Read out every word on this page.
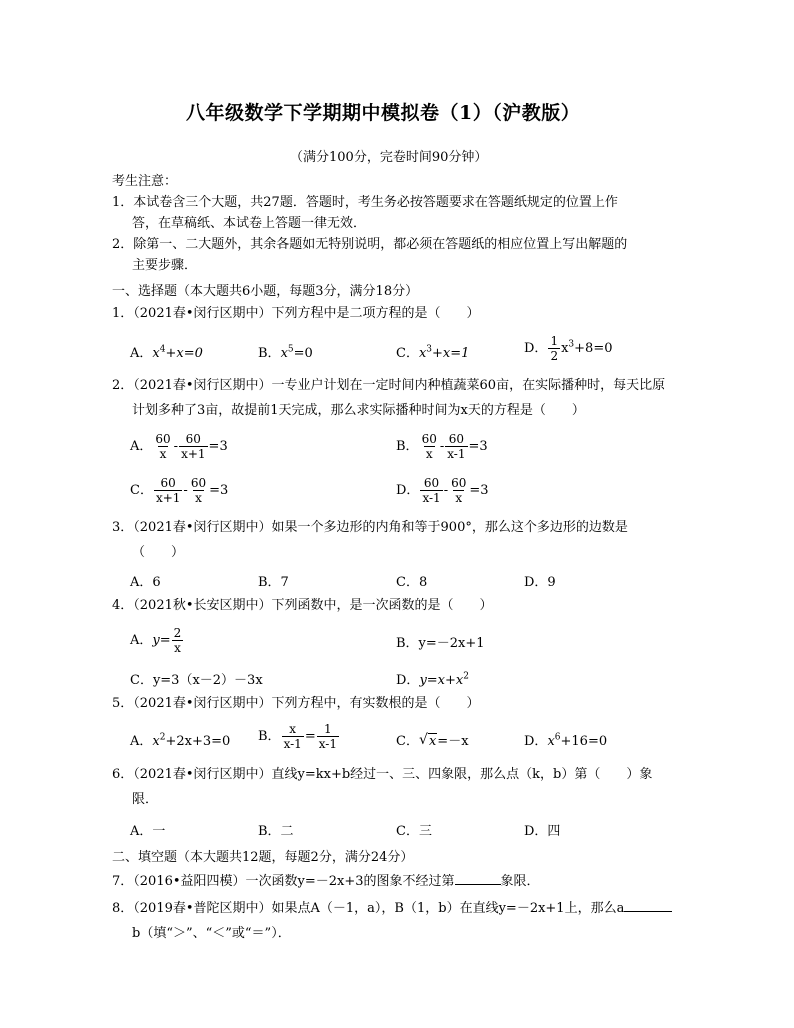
八年级数学下学期期中模拟卷（1）（沪教版）
（满分100分，完卷时间90分钟）
考生注意：
1．本试卷含三个大题，共27题．答题时，考生务必按答题要求在答题纸规定的位置上作
答，在草稿纸、本试卷上答题一律无效．
2．除第一、二大题外，其余各题如无特别说明，都必须在答题纸的相应位置上写出解题的
主要步骤．
一、选择题（本大题共6小题，每题3分，满分18分）
1．（2021春•闵行区期中）下列方程中是二项方程的是（　　）
A．$x^4+x=0$	B．$x^5=0$	C．$x^3+x=1$	D． $\frac{1}{2} x^3+8=0$
2．（2021春•闵行区期中）一专业户计划在一定时间内种植蔬菜60亩，在实际播种时，每天比原
计划多种了3亩，故提前1天完成，那么求实际播种时间为x天的方程是（　　）
A． $\frac{60}{x} - \frac{60}{x+1} =3$	B． $\frac{60}{x} - \frac{60}{x-1} =3$
C． $\frac{60}{x+1} - \frac{60}{x} =3$	D． $\frac{60}{x-1} - \frac{60}{x} =3$
3．（2021春•闵行区期中）如果一个多边形的内角和等于900°，那么这个多边形的边数是
（　　）
A．6	B．7	C．8	D．9
4．（2021秋•长安区期中）下列函数中，是一次函数的是（　　）
A．$y= \frac{2}{x}$	B．y=－2x+1
C．y=3（x－2）－3x	D．$y=x+x^2$
5．（2021春•闵行区期中）下列方程中，有实数根的是（　　）
A．$x^2+2x+3=0$ B． $\frac{x}{x-1} = \frac{1}{x-1}$	C． √ x=－x	D．$x^6+16=0$
6．（2021春•闵行区期中）直线y=kx+b经过一、三、四象限，那么点（k，b）第（　　）象
限．
A．一	B．二	C．三	D．四
二、填空题（本大题共12题，每题2分，满分24分）
7．（2016•益阳四模）一次函数y=－2x+3的图象不经过第	象限．
8．（2019春•普陀区期中）如果点A（－1，a），B（1，b）在直线y=－2x+1上，那么a
b（填“＞”、“＜”或“＝”）．
